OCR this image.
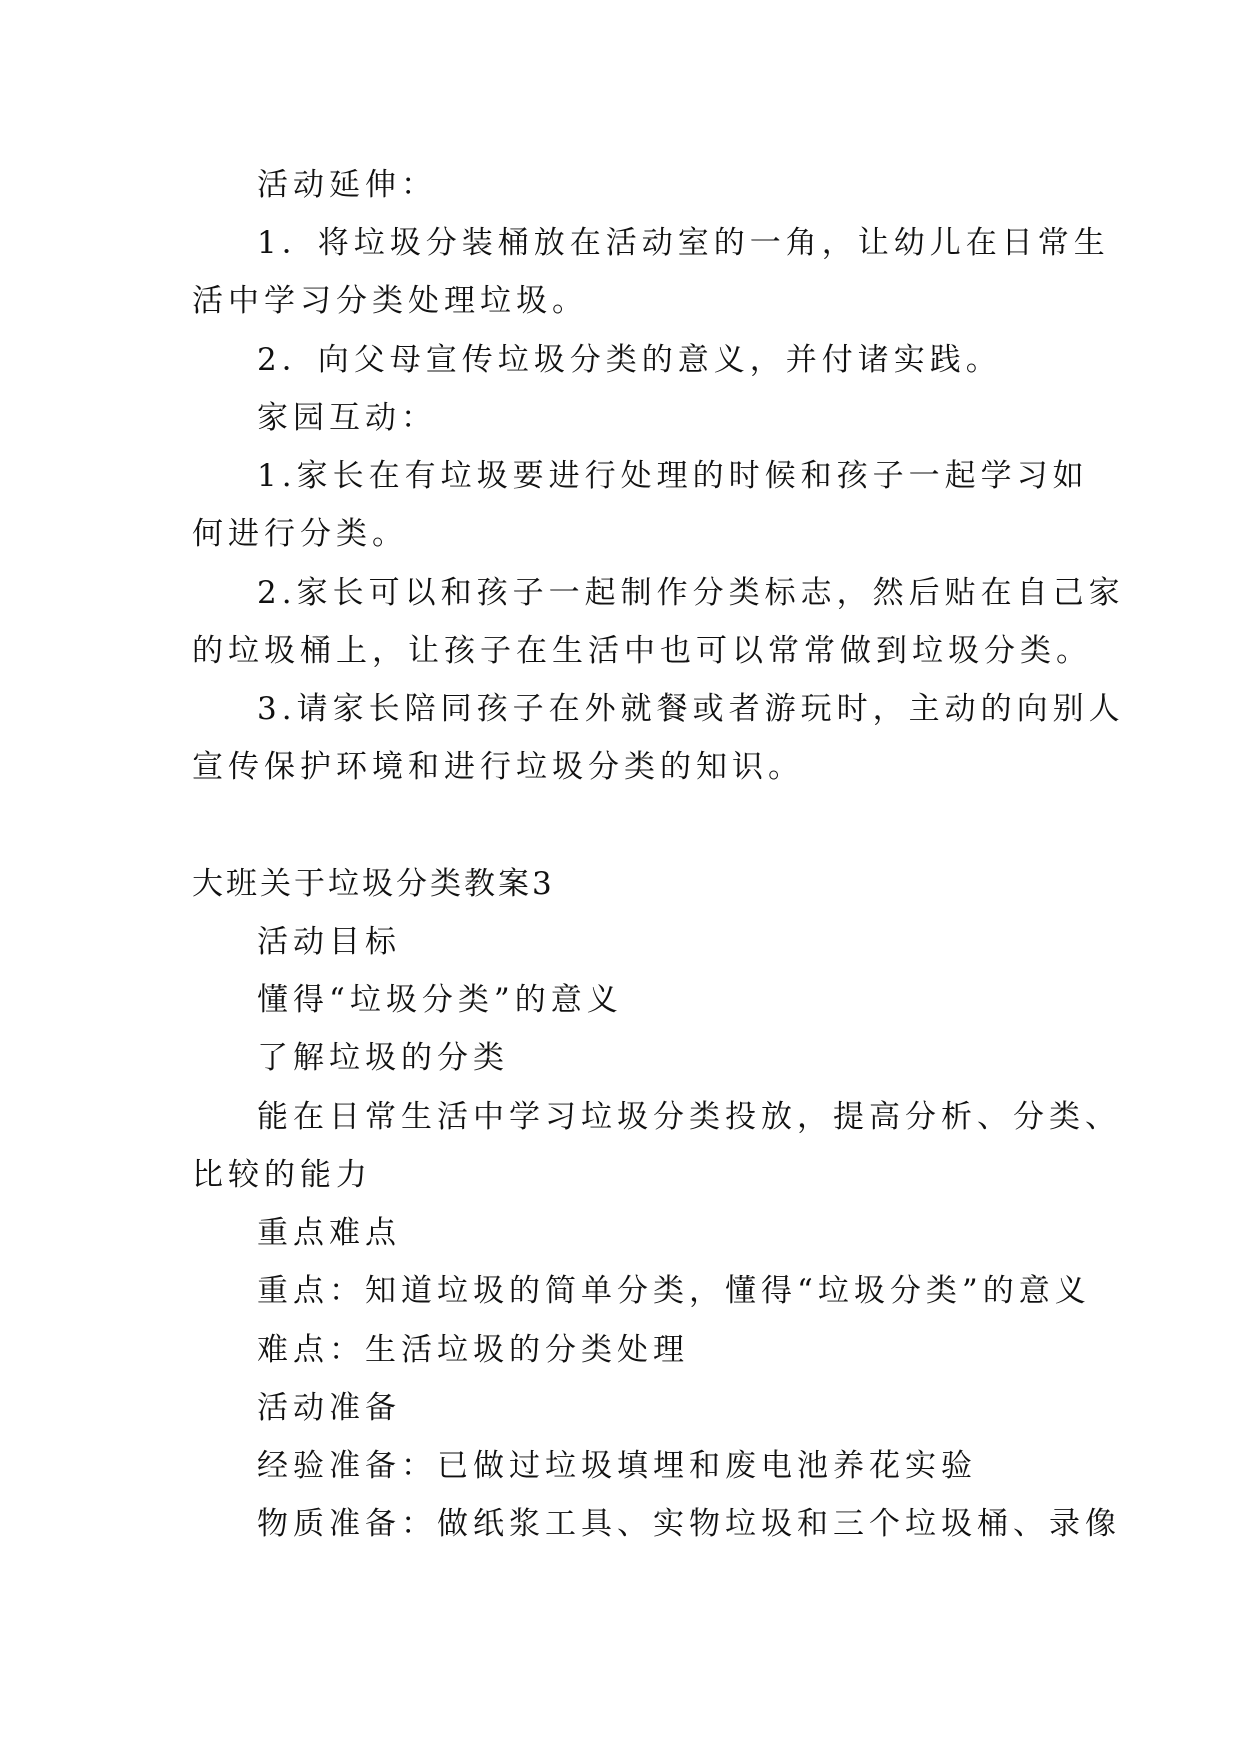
活动延伸：
1．将垃圾分装桶放在活动室的一角，让幼儿在日常生
活中学习分类处理垃圾。
2．向父母宣传垃圾分类的意义，并付诸实践。
家园互动：
1.家长在有垃圾要进行处理的时候和孩子一起学习如
何进行分类。
2.家长可以和孩子一起制作分类标志，然后贴在自己家
的垃圾桶上，让孩子在生活中也可以常常做到垃圾分类。
3.请家长陪同孩子在外就餐或者游玩时，主动的向别人
宣传保护环境和进行垃圾分类的知识。
大班关于垃圾分类教案3
活动目标
懂得“垃圾分类”的意义
了解垃圾的分类
能在日常生活中学习垃圾分类投放，提高分析、分类、
比较的能力
重点难点
重点：知道垃圾的简单分类，懂得“垃圾分类”的意义
难点：生活垃圾的分类处理
活动准备
经验准备：已做过垃圾填埋和废电池养花实验
物质准备：做纸浆工具、实物垃圾和三个垃圾桶、录像
